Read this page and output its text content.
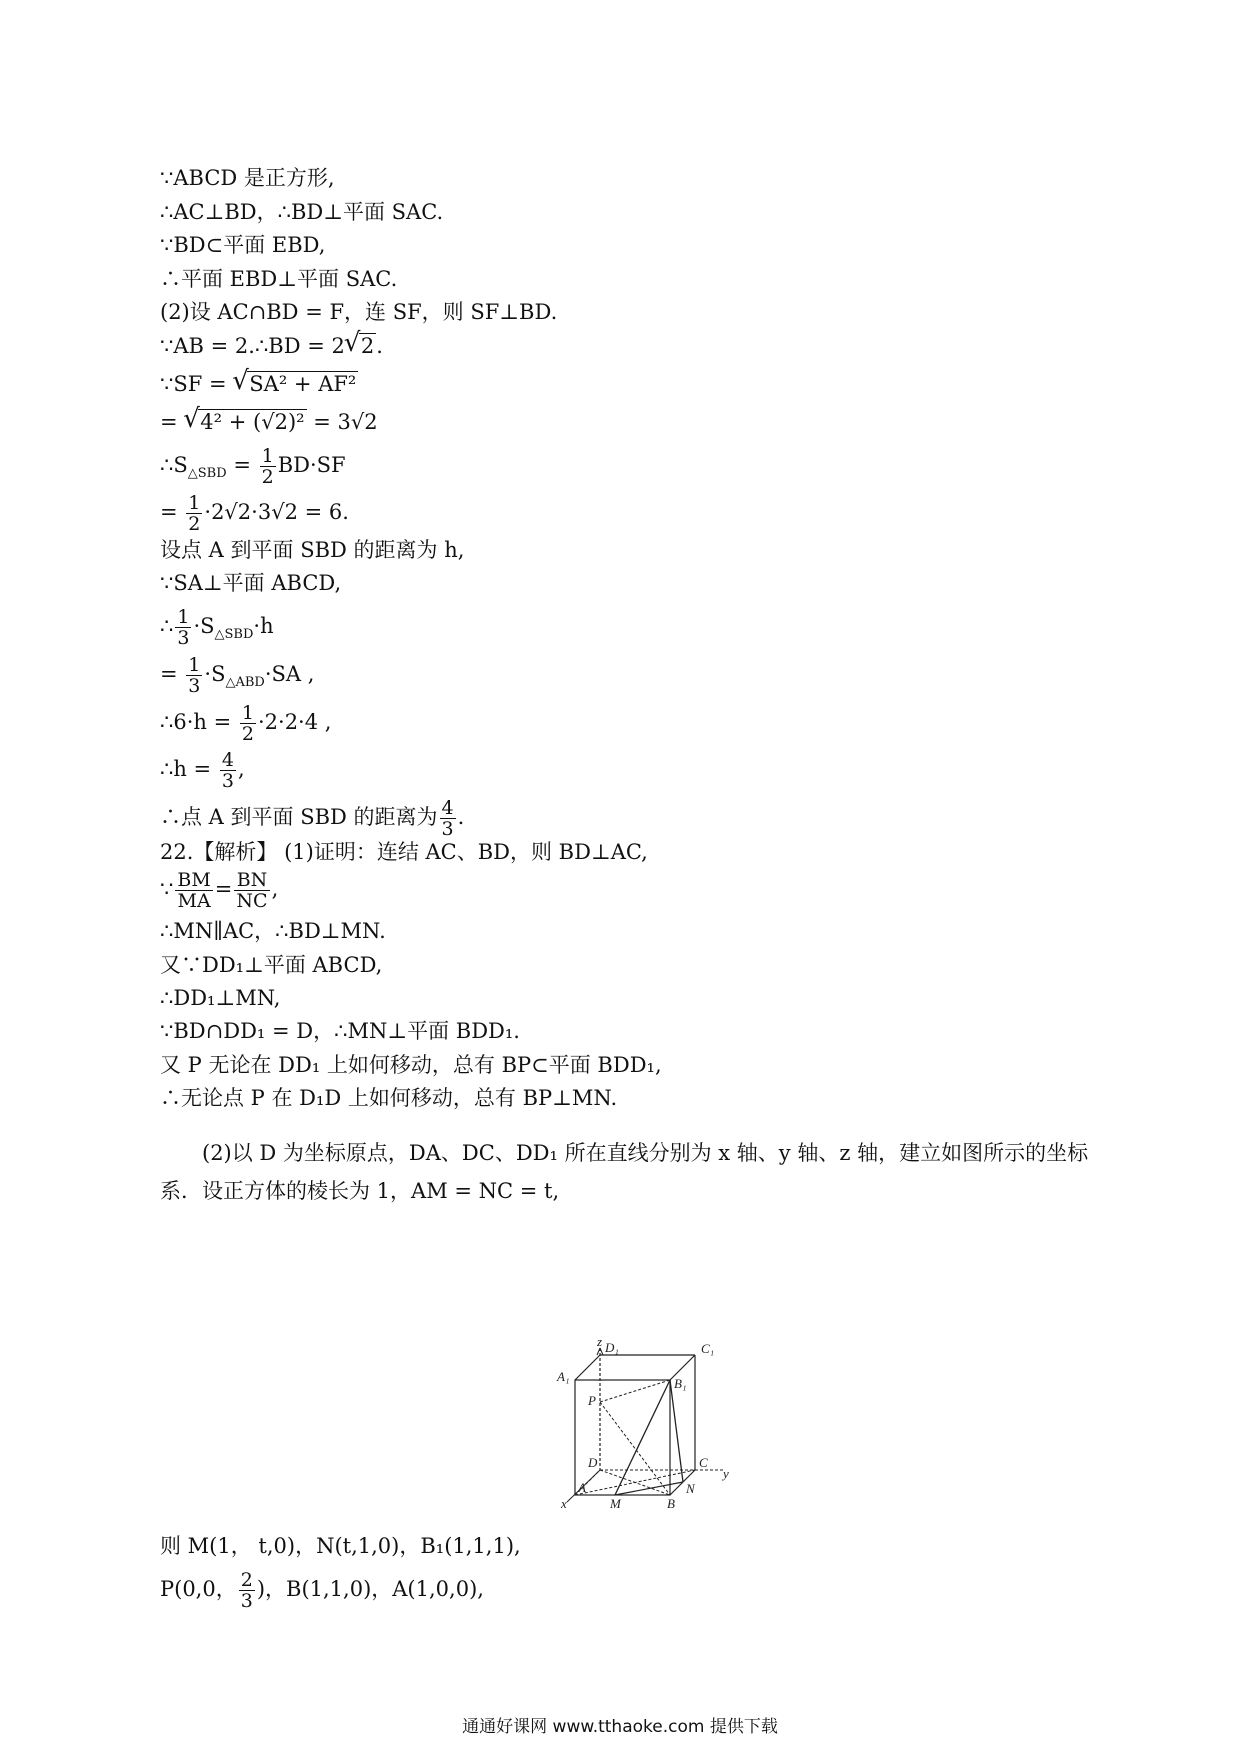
∵ABCD 是正方形,
∴AC⊥BD，∴BD⊥平面 SAC.
∵BD⊂平面 EBD,
∴平面 EBD⊥平面 SAC.
(2)设 AC∩BD = F，连 SF，则 SF⊥BD.
∵AB = 2.∴BD = 2 √ 2.
∵SF = √ SA² + AF²
= √ 4² + (√2)² = 3√2
$\therefore S_{\triangle SBD} = \frac{1}{2} BD\cdot SF$
= $\frac{1}{2} \cdot 2√2\cdot 3√2 = 6$.
设点 A 到平面 SBD 的距离为 h,
∵SA⊥平面 ABCD,
∴ $\frac{1}{3} \cdot S_{\triangle SBD}\cdot h$
= $\frac{1}{3} \cdot S_{\triangle ABD}\cdot SA$ ,
∴6·h = $\frac{1}{2} \cdot 2\cdot 2\cdot 4$ ,
∴h = $\frac{4}{3}$ ,
∴点 A 到平面 SBD 的距离为 $\frac{4}{3}$ .
22.【解析】 (1)证明：连结 AC、BD，则 BD⊥AC,
∵ $\frac{BM}{MA} = \frac{BN}{NC}$ ,
∴MN∥AC，∴BD⊥MN.
又∵DD₁⊥平面 ABCD,
∴DD₁⊥MN,
∵BD∩DD₁ = D，∴MN⊥平面 BDD₁.
又 P 无论在 DD₁ 上如何移动，总有 BP⊂平面 BDD₁,
∴无论点 P 在 D₁D 上如何移动，总有 BP⊥MN.
(2)以 D 为坐标原点，DA、DC、DD₁ 所在直线分别为 x 轴、y 轴、z 轴，建立如图所示的坐标系．设正方体的棱长为 1，AM = NC = t,
z D₁	C₁
A₁	B₁
P
D	C
y
A
M	B
N
x
则 M(1， t,0)，N(t,1,0)，B₁(1,1,1),
P(0,0， $\frac{2}{3}$ )，B(1,1,0)，A(1,0,0),
通通好课网 www.tthaoke.com 提供下载
